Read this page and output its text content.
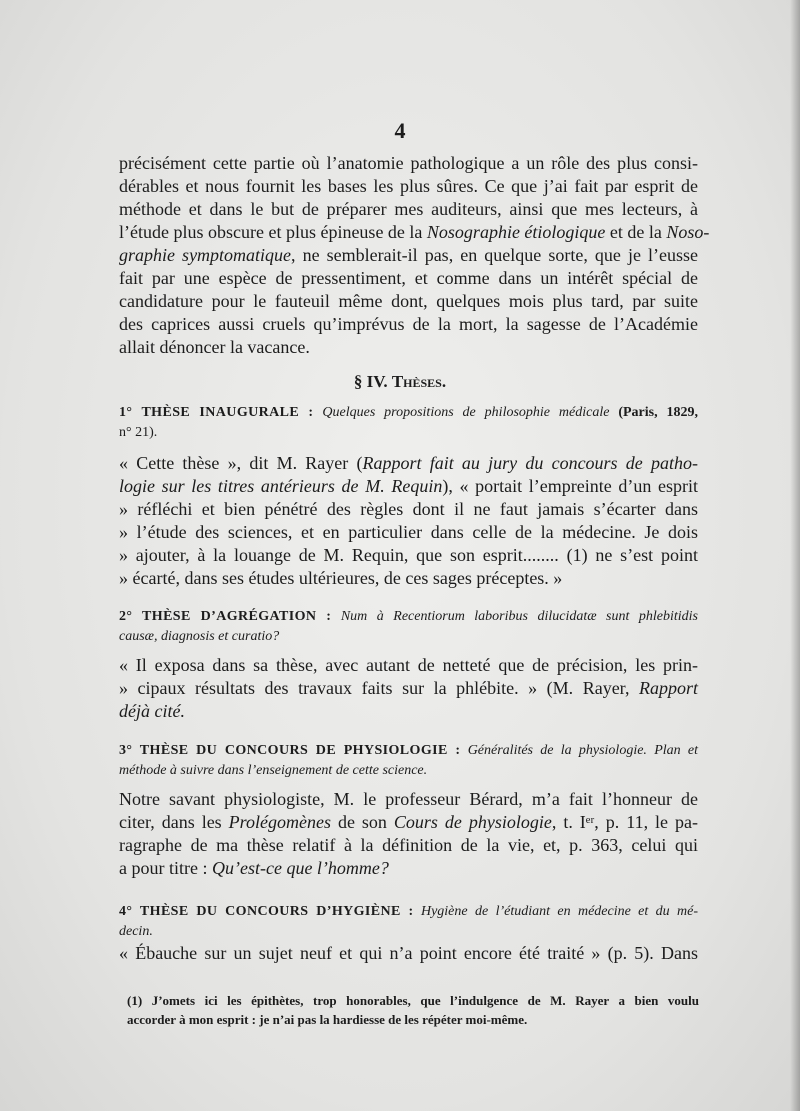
4
précisément cette partie où l’anatomie pathologique a un rôle des plus consi-
dérables et nous fournit les bases les plus sûres. Ce que j’ai fait par esprit de
méthode et dans le but de préparer mes auditeurs, ainsi que mes lecteurs, à
l’étude plus obscure et plus épineuse de la Nosographie étiologique et de la Noso-
graphie symptomatique, ne semblerait-il pas, en quelque sorte, que je l’eusse
fait par une espèce de pressentiment, et comme dans un intérêt spécial de
candidature pour le fauteuil même dont, quelques mois plus tard, par suite
des caprices aussi cruels qu’imprévus de la mort, la sagesse de l’Académie
allait dénoncer la vacance.
§ IV. Thèses.
1° THÈSE INAUGURALE : Quelques propositions de philosophie médicale (Paris, 1829,
n° 21).
« Cette thèse », dit M. Rayer (Rapport fait au jury du concours de patho-
logie sur les titres antérieurs de M. Requin), « portait l’empreinte d’un esprit
» réfléchi et bien pénétré des règles dont il ne faut jamais s’écarter dans
» l’étude des sciences, et en particulier dans celle de la médecine. Je dois
» ajouter, à la louange de M. Requin, que son esprit........ (1) ne s’est point
» écarté, dans ses études ultérieures, de ces sages préceptes. »
2° THÈSE D’AGRÉGATION : Num à Recentiorum laboribus dilucidatæ sunt phlebitidis
causæ, diagnosis et curatio?
« Il exposa dans sa thèse, avec autant de netteté que de précision, les prin-
» cipaux résultats des travaux faits sur la phlébite. » (M. Rayer, Rapport
déjà cité.
3° THÈSE DU CONCOURS DE PHYSIOLOGIE : Généralités de la physiologie. Plan et
méthode à suivre dans l’enseignement de cette science.
Notre savant physiologiste, M. le professeur Bérard, m’a fait l’honneur de
citer, dans les Prolégomènes de son Cours de physiologie, t. Iᵉʳ, p. 11, le pa-
ragraphe de ma thèse relatif à la définition de la vie, et, p. 363, celui qui
a pour titre : Qu’est-ce que l’homme?
4° THÈSE DU CONCOURS D’HYGIÈNE : Hygiène de l’étudiant en médecine et du mé-
decin.
« Ébauche sur un sujet neuf et qui n’a point encore été traité » (p. 5). Dans
(1) J’omets ici les épithètes, trop honorables, que l’indulgence de M. Rayer a bien voulu
accorder à mon esprit : je n’ai pas la hardiesse de les répéter moi-même.
